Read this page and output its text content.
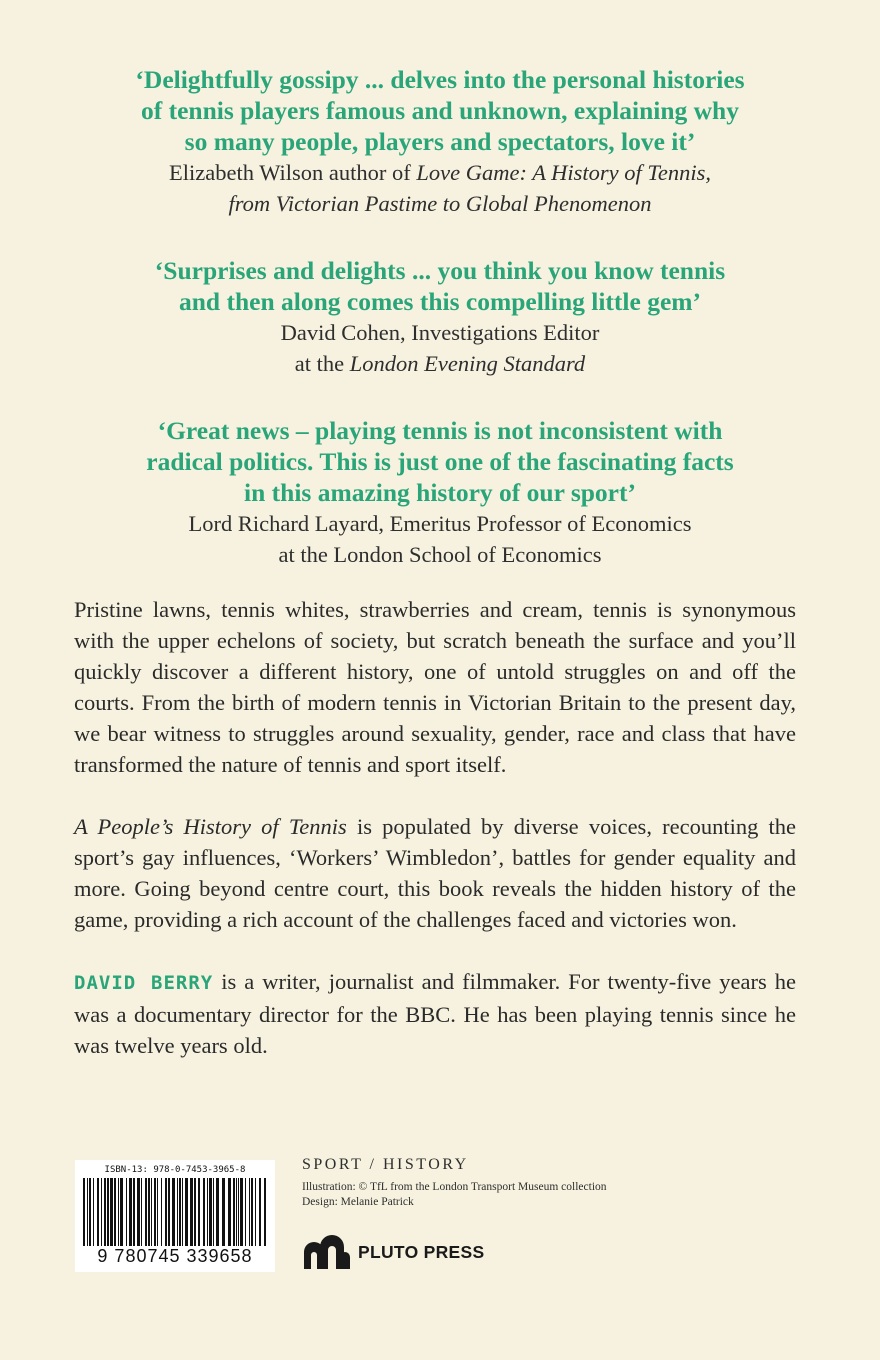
‘Delightfully gossipy ... delves into the personal histories
of tennis players famous and unknown, explaining why
so many people, players and spectators, love it’
Elizabeth Wilson author of Love Game: A History of Tennis,
from Victorian Pastime to Global Phenomenon
‘Surprises and delights ... you think you know tennis
and then along comes this compelling little gem’
David Cohen, Investigations Editor
at the London Evening Standard
‘Great news – playing tennis is not inconsistent with
radical politics. This is just one of the fascinating facts
in this amazing history of our sport’
Lord Richard Layard, Emeritus Professor of Economics
at the London School of Economics

Pristine lawns, tennis whites, strawberries and cream, tennis is synonymous with the upper echelons of society, but scratch beneath the surface and you’ll quickly discover a different history, one of untold struggles on and off the courts. From the birth of modern tennis in Victorian Britain to the present day, we bear witness to struggles around sexuality, gender, race and class that have transformed the nature of tennis and sport itself.

A People’s History of Tennis is populated by diverse voices, recounting the sport’s gay influences, ‘Workers’ Wimbledon’, battles for gender equality and more. Going beyond centre court, this book reveals the hidden history of the game, providing a rich account of the challenges faced and victories won.

DAVID BERRY is a writer, journalist and filmmaker. For twenty-five years he was a documentary director for the BBC. He has been playing tennis since he was twelve years old.

ISBN-13: 978-0-7453-3965-8
9 780745 339658
SPORT / HISTORY
Illustration: © TfL from the London Transport Museum collection
Design: Melanie Patrick
PLUTO PRESS
